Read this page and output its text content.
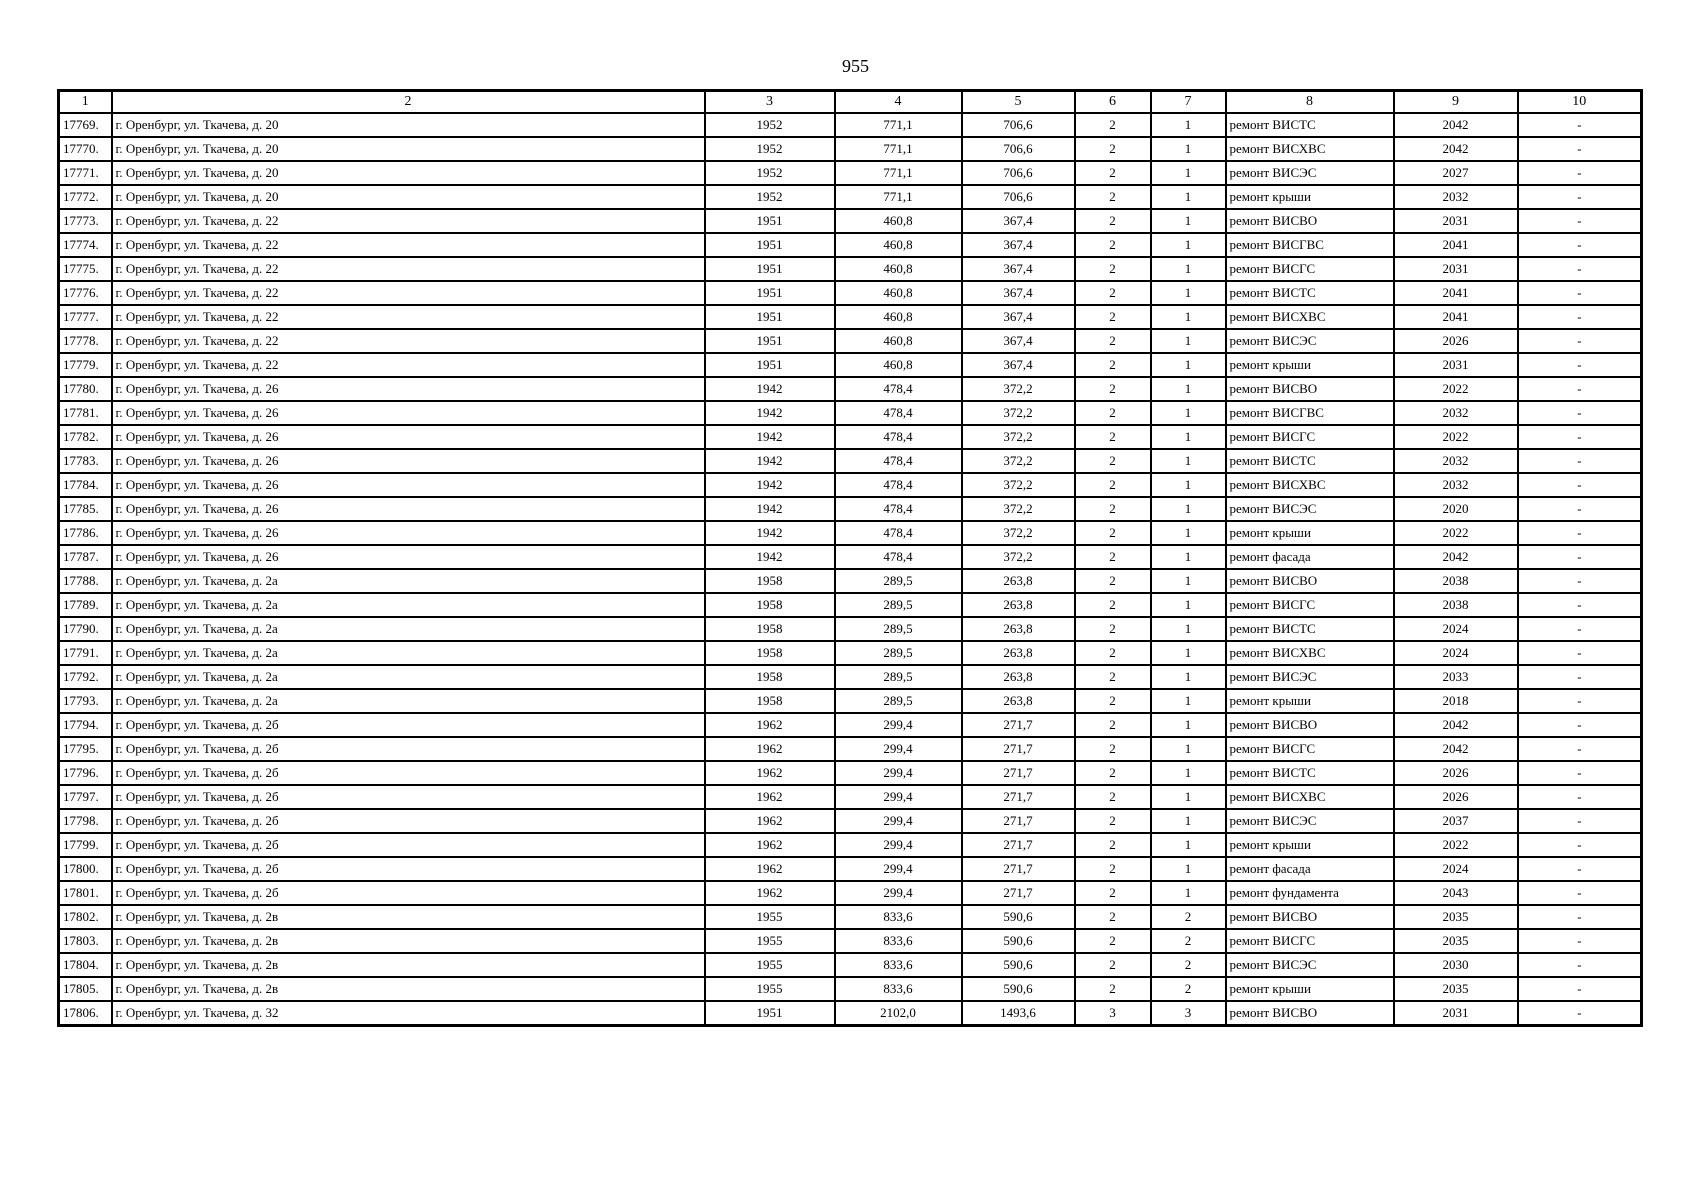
955
1	2	3	4	5	6	7	8	9	10
17769.	г. Оренбург, ул. Ткачева, д. 20	1952	771,1	706,6	2	1	ремонт ВИСТС	2042	-
17770.	г. Оренбург, ул. Ткачева, д. 20	1952	771,1	706,6	2	1	ремонт ВИСХВС	2042	-
17771.	г. Оренбург, ул. Ткачева, д. 20	1952	771,1	706,6	2	1	ремонт ВИСЭС	2027	-
17772.	г. Оренбург, ул. Ткачева, д. 20	1952	771,1	706,6	2	1	ремонт крыши	2032	-
17773.	г. Оренбург, ул. Ткачева, д. 22	1951	460,8	367,4	2	1	ремонт ВИСВО	2031	-
17774.	г. Оренбург, ул. Ткачева, д. 22	1951	460,8	367,4	2	1	ремонт ВИСГВС	2041	-
17775.	г. Оренбург, ул. Ткачева, д. 22	1951	460,8	367,4	2	1	ремонт ВИСГС	2031	-
17776.	г. Оренбург, ул. Ткачева, д. 22	1951	460,8	367,4	2	1	ремонт ВИСТС	2041	-
17777.	г. Оренбург, ул. Ткачева, д. 22	1951	460,8	367,4	2	1	ремонт ВИСХВС	2041	-
17778.	г. Оренбург, ул. Ткачева, д. 22	1951	460,8	367,4	2	1	ремонт ВИСЭС	2026	-
17779.	г. Оренбург, ул. Ткачева, д. 22	1951	460,8	367,4	2	1	ремонт крыши	2031	-
17780.	г. Оренбург, ул. Ткачева, д. 26	1942	478,4	372,2	2	1	ремонт ВИСВО	2022	-
17781.	г. Оренбург, ул. Ткачева, д. 26	1942	478,4	372,2	2	1	ремонт ВИСГВС	2032	-
17782.	г. Оренбург, ул. Ткачева, д. 26	1942	478,4	372,2	2	1	ремонт ВИСГС	2022	-
17783.	г. Оренбург, ул. Ткачева, д. 26	1942	478,4	372,2	2	1	ремонт ВИСТС	2032	-
17784.	г. Оренбург, ул. Ткачева, д. 26	1942	478,4	372,2	2	1	ремонт ВИСХВС	2032	-
17785.	г. Оренбург, ул. Ткачева, д. 26	1942	478,4	372,2	2	1	ремонт ВИСЭС	2020	-
17786.	г. Оренбург, ул. Ткачева, д. 26	1942	478,4	372,2	2	1	ремонт крыши	2022	-
17787.	г. Оренбург, ул. Ткачева, д. 26	1942	478,4	372,2	2	1	ремонт фасада	2042	-
17788.	г. Оренбург, ул. Ткачева, д. 2а	1958	289,5	263,8	2	1	ремонт ВИСВО	2038	-
17789.	г. Оренбург, ул. Ткачева, д. 2а	1958	289,5	263,8	2	1	ремонт ВИСГС	2038	-
17790.	г. Оренбург, ул. Ткачева, д. 2а	1958	289,5	263,8	2	1	ремонт ВИСТС	2024	-
17791.	г. Оренбург, ул. Ткачева, д. 2а	1958	289,5	263,8	2	1	ремонт ВИСХВС	2024	-
17792.	г. Оренбург, ул. Ткачева, д. 2а	1958	289,5	263,8	2	1	ремонт ВИСЭС	2033	-
17793.	г. Оренбург, ул. Ткачева, д. 2а	1958	289,5	263,8	2	1	ремонт крыши	2018	-
17794.	г. Оренбург, ул. Ткачева, д. 2б	1962	299,4	271,7	2	1	ремонт ВИСВО	2042	-
17795.	г. Оренбург, ул. Ткачева, д. 2б	1962	299,4	271,7	2	1	ремонт ВИСГС	2042	-
17796.	г. Оренбург, ул. Ткачева, д. 2б	1962	299,4	271,7	2	1	ремонт ВИСТС	2026	-
17797.	г. Оренбург, ул. Ткачева, д. 2б	1962	299,4	271,7	2	1	ремонт ВИСХВС	2026	-
17798.	г. Оренбург, ул. Ткачева, д. 2б	1962	299,4	271,7	2	1	ремонт ВИСЭС	2037	-
17799.	г. Оренбург, ул. Ткачева, д. 2б	1962	299,4	271,7	2	1	ремонт крыши	2022	-
17800.	г. Оренбург, ул. Ткачева, д. 2б	1962	299,4	271,7	2	1	ремонт фасада	2024	-
17801.	г. Оренбург, ул. Ткачева, д. 2б	1962	299,4	271,7	2	1	ремонт фундамента	2043	-
17802.	г. Оренбург, ул. Ткачева, д. 2в	1955	833,6	590,6	2	2	ремонт ВИСВО	2035	-
17803.	г. Оренбург, ул. Ткачева, д. 2в	1955	833,6	590,6	2	2	ремонт ВИСГС	2035	-
17804.	г. Оренбург, ул. Ткачева, д. 2в	1955	833,6	590,6	2	2	ремонт ВИСЭС	2030	-
17805.	г. Оренбург, ул. Ткачева, д. 2в	1955	833,6	590,6	2	2	ремонт крыши	2035	-
17806.	г. Оренбург, ул. Ткачева, д. 32	1951	2102,0	1493,6	3	3	ремонт ВИСВО	2031	-
